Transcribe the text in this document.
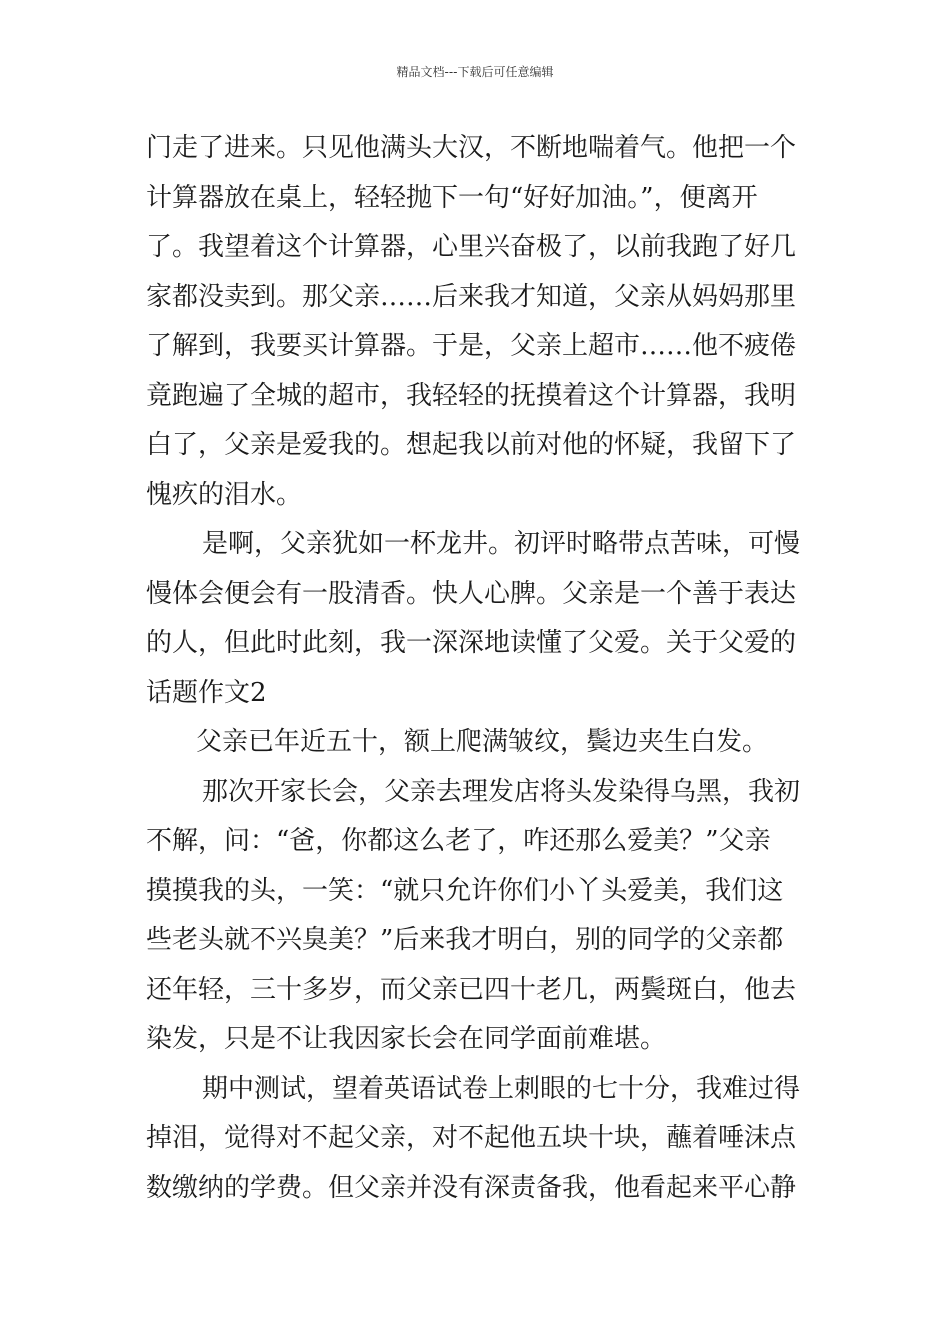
精品文档---下载后可任意编辑
门走了进来。只见他满头大汉，不断地喘着气。他把一个
计算器放在桌上，轻轻抛下一句“好好加油。”，便离开
了。我望着这个计算器，心里兴奋极了，以前我跑了好几
家都没卖到。那父亲……后来我才知道，父亲从妈妈那里
了解到，我要买计算器。于是，父亲上超市……他不疲倦
竟跑遍了全城的超市，我轻轻的抚摸着这个计算器，我明
白了，父亲是爱我的。想起我以前对他的怀疑，我留下了
愧疚的泪水。
是啊，父亲犹如一杯龙井。初评时略带点苦味，可慢
慢体会便会有一股清香。快人心脾。父亲是一个善于表达
的人，但此时此刻，我一深深地读懂了父爱。关于父爱的
话题作文2
父亲已年近五十，额上爬满皱纹，鬓边夹生白发。
那次开家长会，父亲去理发店将头发染得乌黑，我初
不解，问：“爸，你都这么老了，咋还那么爱美？”父亲
摸摸我的头，一笑：“就只允许你们小丫头爱美，我们这
些老头就不兴臭美？”后来我才明白，别的同学的父亲都
还年轻，三十多岁，而父亲已四十老几，两鬓斑白，他去
染发，只是不让我因家长会在同学面前难堪。
期中测试，望着英语试卷上刺眼的七十分，我难过得
掉泪，觉得对不起父亲，对不起他五块十块，蘸着唾沫点
数缴纳的学费。但父亲并没有深责备我，他看起来平心静
